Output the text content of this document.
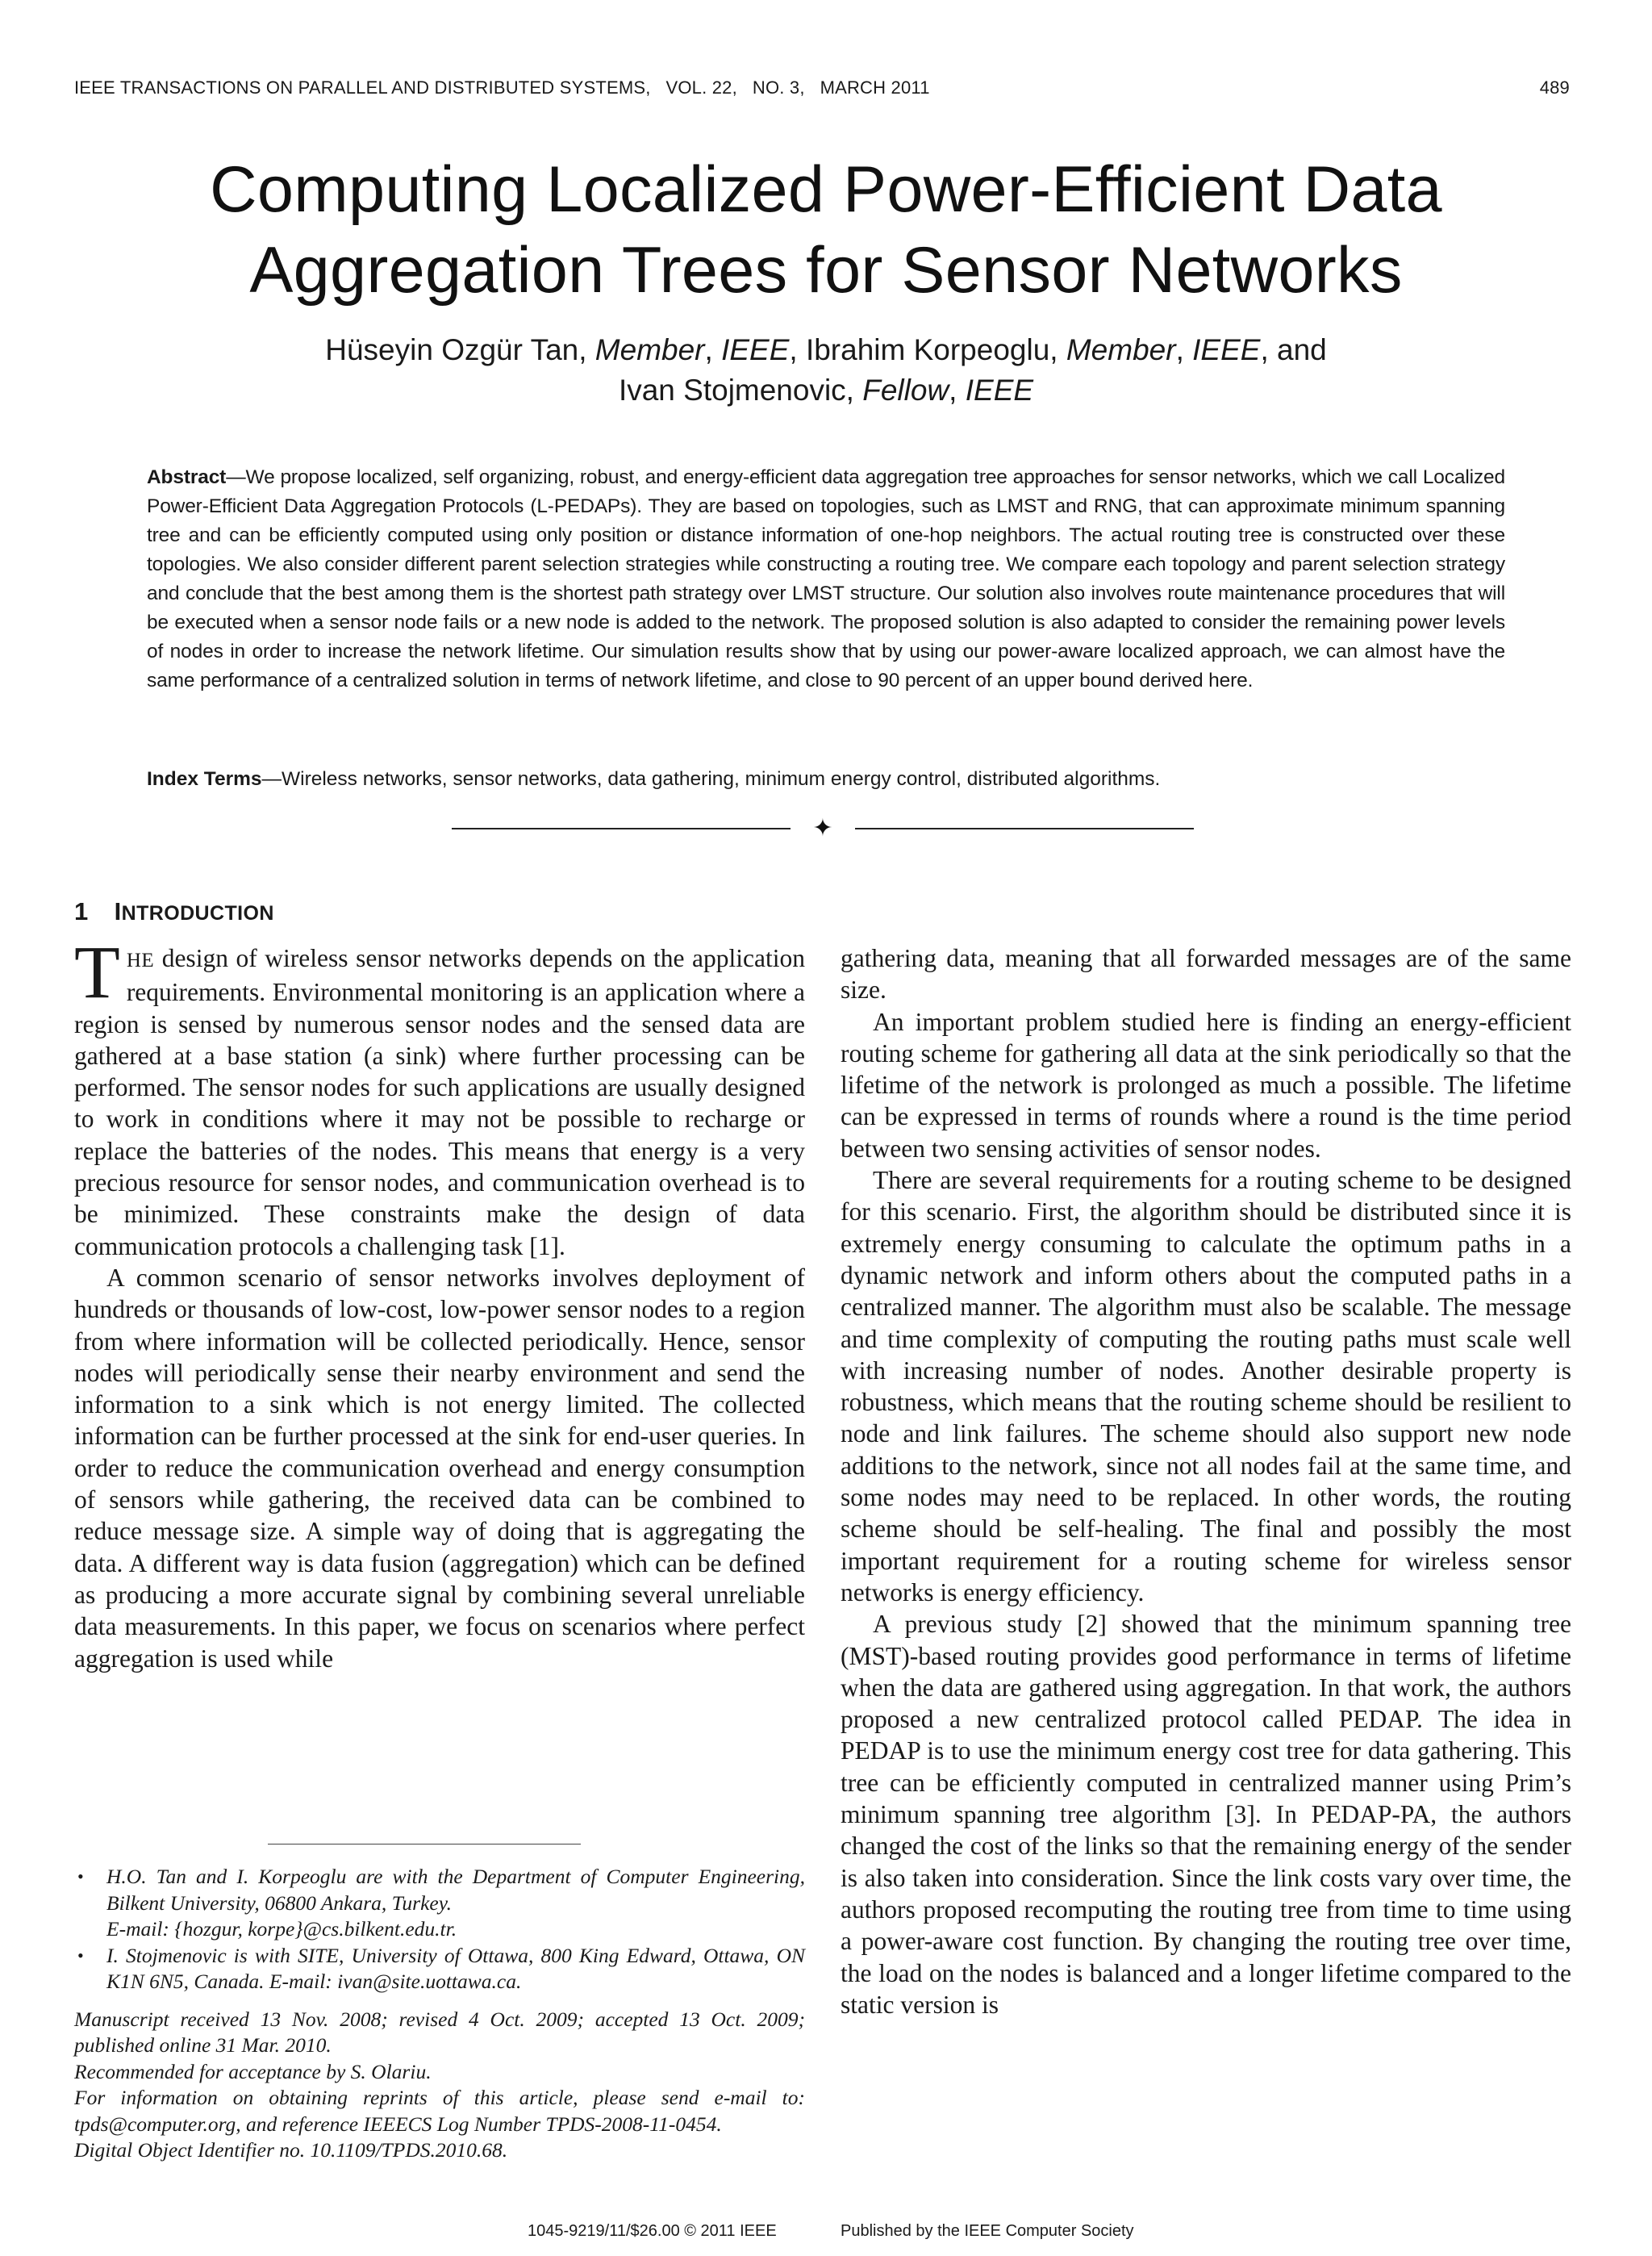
IEEE TRANSACTIONS ON PARALLEL AND DISTRIBUTED SYSTEMS,   VOL. 22,   NO. 3,   MARCH 2011	489
Computing Localized Power-Efficient Data
Aggregation Trees for Sensor Networks
Hüseyin Ozgür Tan, Member, IEEE, Ibrahim Korpeoglu, Member, IEEE, and
Ivan Stojmenovic, Fellow, IEEE
Abstract—We propose localized, self organizing, robust, and energy-efficient data aggregation tree approaches for sensor networks, which we call Localized Power-Efficient Data Aggregation Protocols (L-PEDAPs). They are based on topologies, such as LMST and RNG, that can approximate minimum spanning tree and can be efficiently computed using only position or distance information of one-hop neighbors. The actual routing tree is constructed over these topologies. We also consider different parent selection strategies while constructing a routing tree. We compare each topology and parent selection strategy and conclude that the best among them is the shortest path strategy over LMST structure. Our solution also involves route maintenance procedures that will be executed when a sensor node fails or a new node is added to the network. The proposed solution is also adapted to consider the remaining power levels of nodes in order to increase the network lifetime. Our simulation results show that by using our power-aware localized approach, we can almost have the same performance of a centralized solution in terms of network lifetime, and close to 90 percent of an upper bound derived here.
Index Terms—Wireless networks, sensor networks, data gathering, minimum energy control, distributed algorithms.
✦
1 INTRODUCTION

THE design of wireless sensor networks depends on the application requirements. Environmental monitoring is an application where a region is sensed by numerous sensor nodes and the sensed data are gathered at a base station (a sink) where further processing can be performed. The sensor nodes for such applications are usually designed to work in conditions where it may not be possible to recharge or replace the batteries of the nodes. This means that energy is a very precious resource for sensor nodes, and communication overhead is to be minimized. These constraints make the design of data communication protocols a challenging task [1].

A common scenario of sensor networks involves deployment of hundreds or thousands of low-cost, low-power sensor nodes to a region from where information will be collected periodically. Hence, sensor nodes will periodically sense their nearby environment and send the information to a sink which is not energy limited. The collected information can be further processed at the sink for end-user queries. In order to reduce the communication overhead and energy consumption of sensors while gathering, the received data can be combined to reduce message size. A simple way of doing that is aggregating the data. A different way is data fusion (aggregation) which can be defined as producing a more accurate signal by combining several unreliable data measurements. In this paper, we focus on scenarios where perfect aggregation is used while

gathering data, meaning that all forwarded messages are of the same size.

An important problem studied here is finding an energy-efficient routing scheme for gathering all data at the sink periodically so that the lifetime of the network is prolonged as much a possible. The lifetime can be expressed in terms of rounds where a round is the time period between two sensing activities of sensor nodes.

There are several requirements for a routing scheme to be designed for this scenario. First, the algorithm should be distributed since it is extremely energy consuming to calculate the optimum paths in a dynamic network and inform others about the computed paths in a centralized manner. The algorithm must also be scalable. The message and time complexity of computing the routing paths must scale well with increasing number of nodes. Another desirable property is robustness, which means that the routing scheme should be resilient to node and link failures. The scheme should also support new node additions to the network, since not all nodes fail at the same time, and some nodes may need to be replaced. In other words, the routing scheme should be self-healing. The final and possibly the most important requirement for a routing scheme for wireless sensor networks is energy efficiency.

A previous study [2] showed that the minimum spanning tree (MST)-based routing provides good performance in terms of lifetime when the data are gathered using aggregation. In that work, the authors proposed a new centralized protocol called PEDAP. The idea in PEDAP is to use the minimum energy cost tree for data gathering. This tree can be efficiently computed in centralized manner using Prim’s minimum spanning tree algorithm [3]. In PEDAP-PA, the authors changed the cost of the links so that the remaining energy of the sender is also taken into consideration. Since the link costs vary over time, the authors proposed recomputing the routing tree from time to time using a power-aware cost function. By changing the routing tree over time, the load on the nodes is balanced and a longer lifetime compared to the static version is

• H.O. Tan and I. Korpeoglu are with the Department of Computer Engineering, Bilkent University, 06800 Ankara, Turkey.
E-mail: {hozgur, korpe}@cs.bilkent.edu.tr.
• I. Stojmenovic is with SITE, University of Ottawa, 800 King Edward, Ottawa, ON K1N 6N5, Canada. E-mail: ivan@site.uottawa.ca.
Manuscript received 13 Nov. 2008; revised 4 Oct. 2009; accepted 13 Oct. 2009; published online 31 Mar. 2010.
Recommended for acceptance by S. Olariu.
For information on obtaining reprints of this article, please send e-mail to: tpds@computer.org, and reference IEEECS Log Number TPDS-2008-11-0454.
Digital Object Identifier no. 10.1109/TPDS.2010.68.
1045-9219/11/$26.00 © 2011 IEEE	Published by the IEEE Computer Society
